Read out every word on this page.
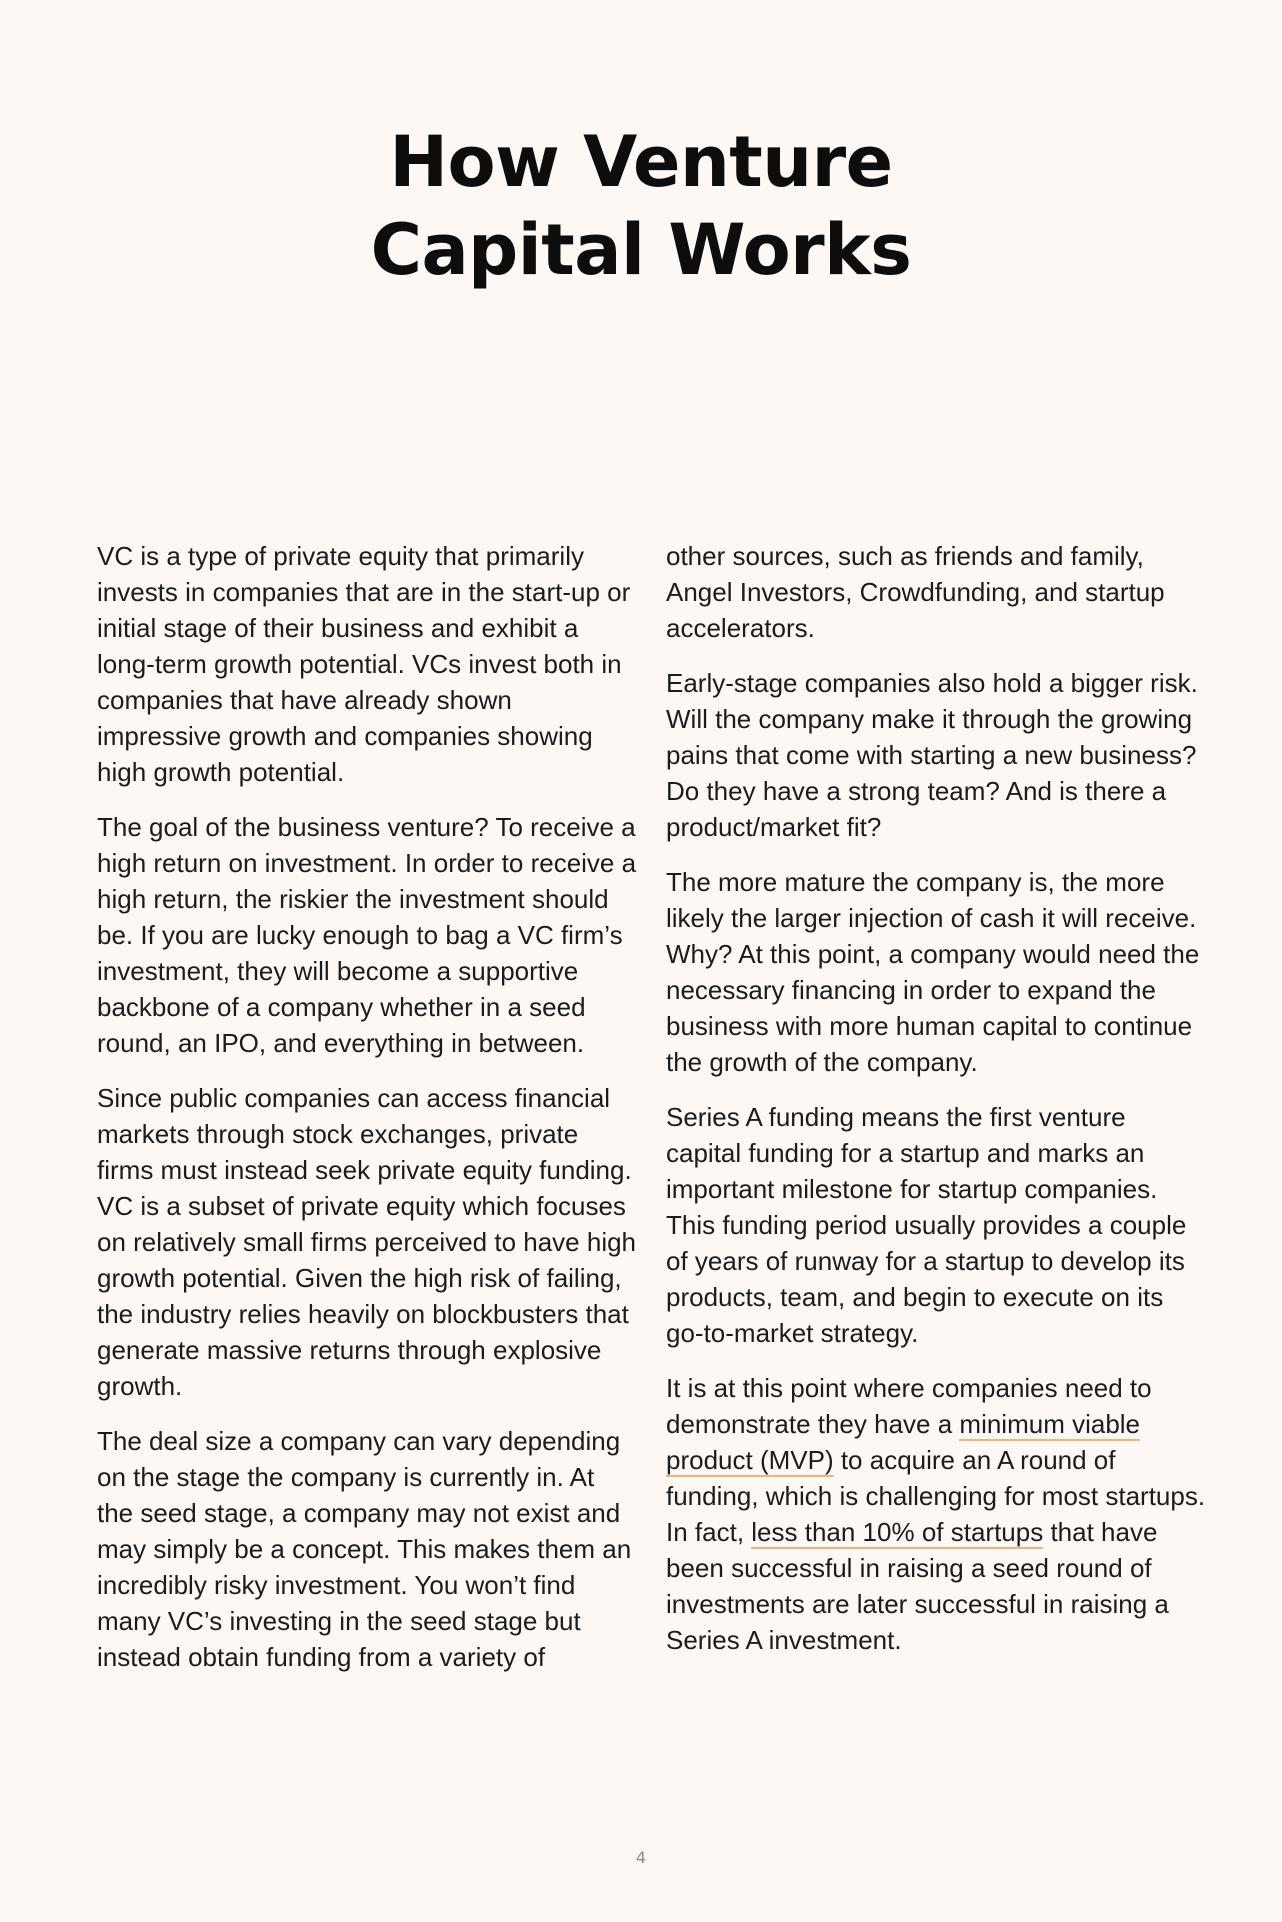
How Venture
Capital Works

VC is a type of private equity that primarily invests in companies that are in the start-up or initial stage of their business and exhibit a long-term growth potential. VCs invest both in companies that have already shown impressive growth and companies showing high growth potential.

The goal of the business venture? To receive a high return on investment. In order to receive a high return, the riskier the investment should be. If you are lucky enough to bag a VC firm’s investment, they will become a supportive backbone of a company whether in a seed round, an IPO, and everything in between.

Since public companies can access financial markets through stock exchanges, private firms must instead seek private equity funding. VC is a subset of private equity which focuses on relatively small firms perceived to have high growth potential. Given the high risk of failing, the industry relies heavily on blockbusters that generate massive returns through explosive growth.

The deal size a company can vary depending on the stage the company is currently in. At the seed stage, a company may not exist and may simply be a concept. This makes them an incredibly risky investment. You won’t find many VC’s investing in the seed stage but instead obtain funding from a variety of

other sources, such as friends and family, Angel Investors, Crowdfunding, and startup accelerators.

Early-stage companies also hold a bigger risk. Will the company make it through the growing pains that come with starting a new business?
Do they have a strong team? And is there a product/market fit?

The more mature the company is, the more likely the larger injection of cash it will receive. Why? At this point, a company would need the necessary financing in order to expand the business with more human capital to continue the growth of the company.

Series A funding means the first venture capital funding for a startup and marks an important milestone for startup companies. This funding period usually provides a couple of years of runway for a startup to develop its products, team, and begin to execute on its go-to-market strategy.

It is at this point where companies need to demonstrate they have a minimum viable product (MVP) to acquire an A round of funding, which is challenging for most startups. In fact, less than 10% of startups that have been successful in raising a seed round of investments are later successful in raising a Series A investment.

4
